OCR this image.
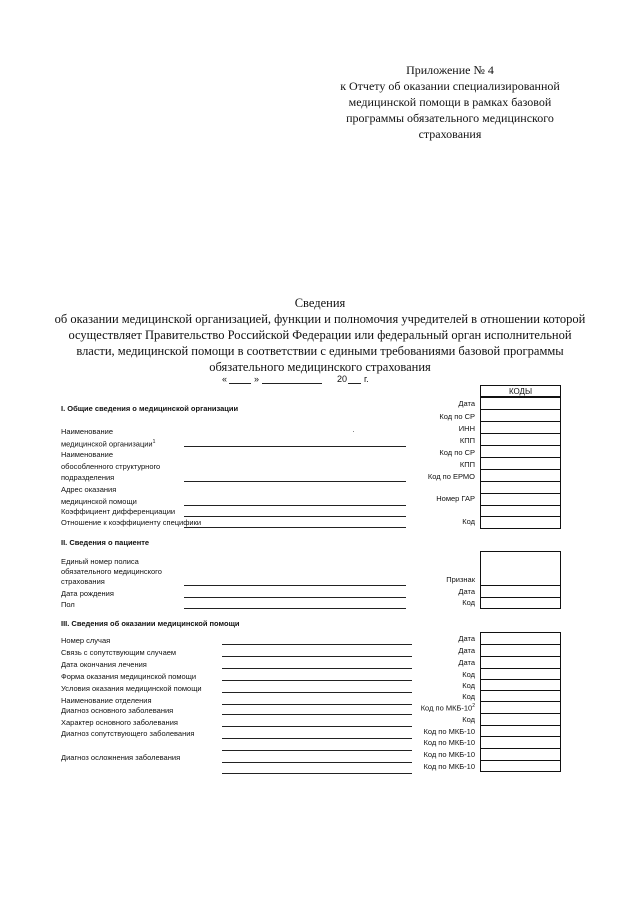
Приложение № 4
к Отчету об оказании специализированной
медицинской помощи в рамках базовой
программы обязательного медицинского
страхования
Сведения
об оказании медицинской организацией, функции и полномочия учредителей в отношении которой
осуществляет Правительство Российской Федерации или федеральный орган исполнительной
власти, медицинской помощи в соответствии с едиными требованиями базовой программы
обязательного медицинского страхования
«	»	20 г.
КОДЫ
I. Общие сведения о медицинской организации
Наименование
медицинской организации$^1$
Наименование
обособленного структурного
подразделения
Адрес оказания
медицинской помощи
Коэффициент дифференциации
Отношение к коэффициенту специфики
Дата
Код по СР
ИНН
КПП
Код по СР
КПП
Код по ЕРМО
Номер ГАР
Код
II. Сведения о пациенте
Единый номер полиса
обязательного медицинского
страхования
Дата рождения
Пол
Признак
Дата
Код
III. Сведения об оказании медицинской помощи
Номер случая
Связь с сопутствующим случаем
Дата окончания лечения
Форма оказания медицинской помощи
Условия оказания медицинской помощи
Наименование отделения
Диагноз основного заболевания
Характер основного заболевания
Диагноз сопутствующего заболевания
Диагноз осложнения заболевания
Дата
Дата
Дата
Код
Код
Код
Код по МКБ-$10^2$
Код
Код по МКБ-10
Код по МКБ-10
Код по МКБ-10
Код по МКБ-10
